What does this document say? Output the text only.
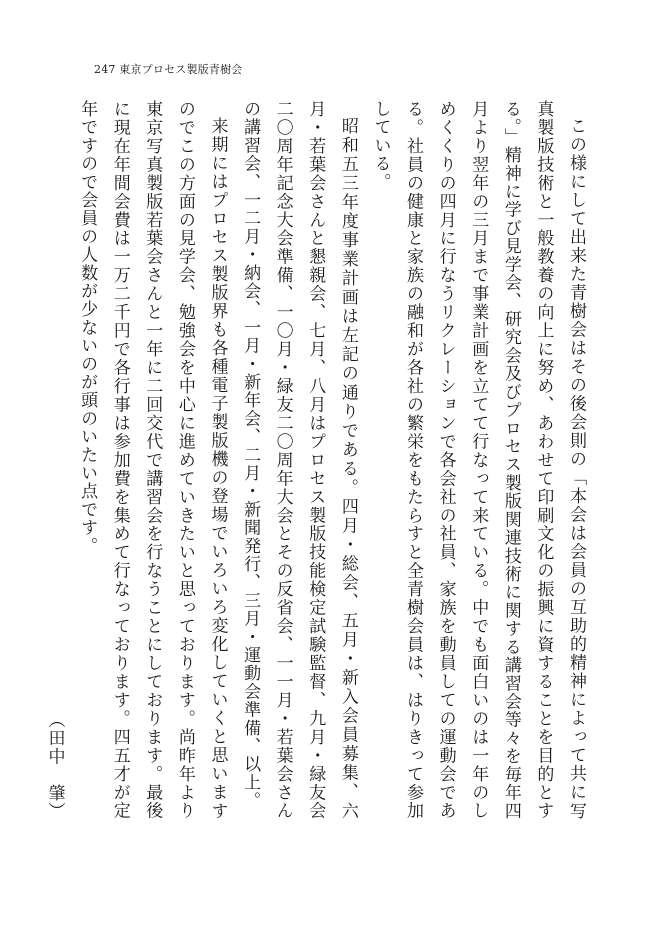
247 東京プロセス製版青樹会

この様にして出来た青樹会はその後会則の「本会は会員の互助的精神によって共に写真製版技術と一般教養の向上に努め、あわせて印刷文化の振興に資することを目的とする。」精神に学び見学会、研究会及びプロセス製版関連技術に関する講習会等々を毎年四月より翌年の三月まで事業計画を立てて行なって来ている。中でも面白いのは一年のしめくくりの四月に行なうリクレーションで各会社の社員、家族を動員しての運動会である。社員の健康と家族の融和が各社の繁栄をもたらすと全青樹会員は、はりきって参加している。

昭和五三年度事業計画は左記の通りである。四月・総会、五月・新入会員募集、六月・若葉会さんと懇親会、七月、八月はプロセス製版技能検定試験監督、九月・緑友会二〇周年記念大会準備、一〇月・緑友二〇周年大会とその反省会、一一月・若葉会さんの講習会、一二月・納会、一月・新年会、二月・新聞発行、三月・運動会準備、以上。

来期にはプロセス製版界も各種電子製版機の登場でいろいろ変化していくと思いますのでこの方面の見学会、勉強会を中心に進めていきたいと思っております。尚昨年より東京写真製版若葉会さんと一年に二回交代で講習会を行なうことにしております。最後に現在年間会費は一万二千円で各行事は参加費を集めて行なっております。四五才が定年ですので会員の人数が少ないのが頭のいたい点です。

（田中　肇）
